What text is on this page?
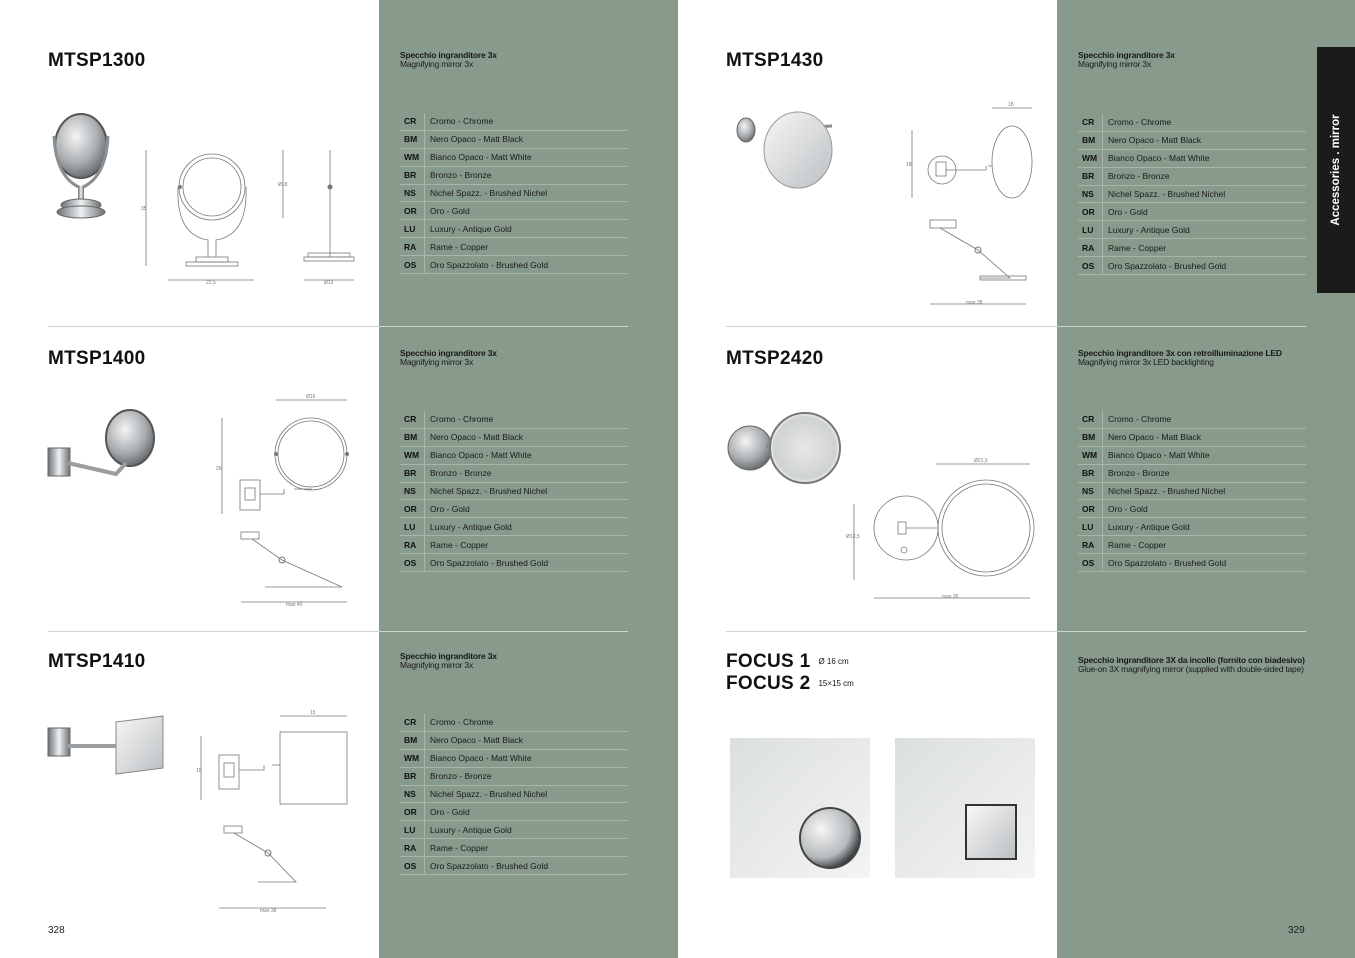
Accessories . mirror
328	329
MTSP1300
MTSP1400
MTSP1410
MTSP1430
MTSP2420
FOCUS 1 Ø 16 cm
FOCUS 2 15×15 cm
Specchio ingranditore 3x
Magnifying mirror 3x
Specchio ingranditore 3x
Magnifying mirror 3x
Specchio ingranditore 3x
Magnifying mirror 3x
Specchio ingranditore 3x
Magnifying mirror 3x
Specchio ingranditore 3x con retroilluminazione LED
Magnifying mirror 3x LED backlighting
Specchio ingranditore 3X da incollo (fornito con biadesivo)
Glue-on 3X magnifying mirror (supplied with double-sided tape)
CR	Cromo - Chrome
BM	Nero Opaco - Matt Black
WM	Bianco Opaco - Matt White
BR	Bronzo - Bronze
NS	Nichel Spazz. - Brushed Nichel
OR	Oro - Gold
LU	Luxury - Antique Gold
RA	Rame - Copper
OS	Oro Spazzolato - Brushed Gold
CR	Cromo - Chrome
BM	Nero Opaco - Matt Black
WM	Bianco Opaco - Matt White
BR	Bronzo - Bronze
NS	Nichel Spazz. - Brushed Nichel
OR	Oro - Gold
LU	Luxury - Antique Gold
RA	Rame - Copper
OS	Oro Spazzolato - Brushed Gold
CR	Cromo - Chrome
BM	Nero Opaco - Matt Black
WM	Bianco Opaco - Matt White
BR	Bronzo - Bronze
NS	Nichel Spazz. - Brushed Nichel
OR	Oro - Gold
LU	Luxury - Antique Gold
RA	Rame - Copper
OS	Oro Spazzolato - Brushed Gold
CR	Cromo - Chrome
BM	Nero Opaco - Matt Black
WM	Bianco Opaco - Matt White
BR	Bronzo - Bronze
NS	Nichel Spazz. - Brushed Nichel
OR	Oro - Gold
LU	Luxury - Antique Gold
RA	Rame - Copper
OS	Oro Spazzolato - Brushed Gold
CR	Cromo - Chrome
BM	Nero Opaco - Matt Black
WM	Bianco Opaco - Matt White
BR	Bronzo - Bronze
NS	Nichel Spazz. - Brushed Nichel
OR	Oro - Gold
LU	Luxury - Antique Gold
RA	Rame - Copper
OS	Oro Spazzolato - Brushed Gold
35
22,5
Ø18
Ø13
Ø16
26
max 40
15
15
max 38
18
18
max 38
Ø21,5
Ø13,5
max 35
